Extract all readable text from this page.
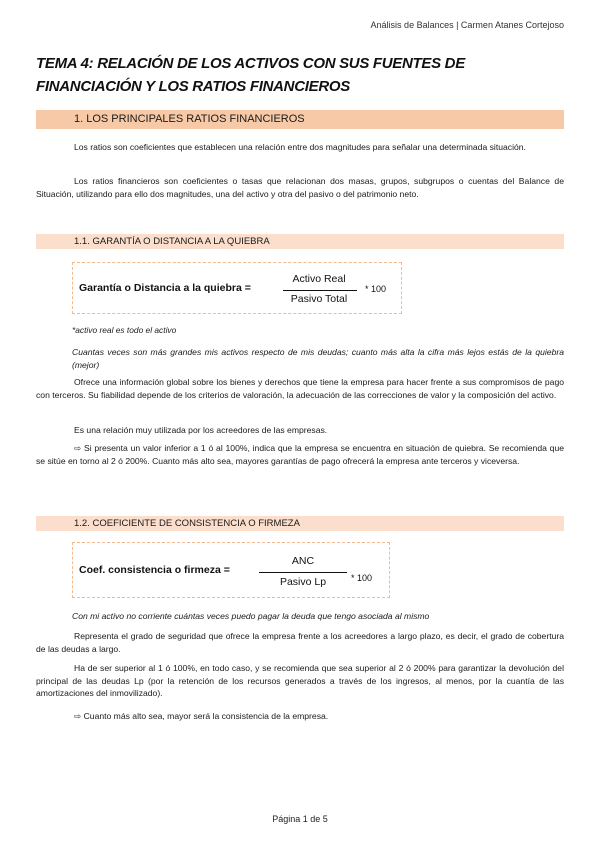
Análisis de Balances | Carmen Atanes Cortejoso
TEMA 4: RELACIÓN DE LOS ACTIVOS CON SUS FUENTES DE
FINANCIACIÓN Y LOS RATIOS FINANCIEROS
1. LOS PRINCIPALES RATIOS FINANCIEROS
Los ratios son coeficientes que establecen una relación entre dos magnitudes para señalar una determinada situación.
Los ratios financieros son coeficientes o tasas que relacionan dos masas, grupos, subgrupos o cuentas del Balance de Situación, utilizando para ello dos magnitudes, una del activo y otra del pasivo o del patrimonio neto.
1.1. GARANTÍA O DISTANCIA A LA QUIEBRA
Garantía o Distancia a la quiebra =
Activo Real
Pasivo Total
* 100
*activo real es todo el activo
Cuantas veces son más grandes mis activos respecto de mis deudas; cuanto más alta la cifra más lejos estás de la quiebra (mejor)
Ofrece una información global sobre los bienes y derechos que tiene la empresa para hacer frente a sus compromisos de pago con terceros. Su fiabilidad depende de los criterios de valoración, la adecuación de las correcciones de valor y la composición del activo.
Es una relación muy utilizada por los acreedores de las empresas.
⇨ Si presenta un valor inferior a 1 ó al 100%, indica que la empresa se encuentra en situación de quiebra. Se recomienda que se sitúe en torno al 2 ó 200%. Cuanto más alto sea, mayores garantías de pago ofrecerá la empresa ante terceros y viceversa.
1.2. COEFICIENTE DE CONSISTENCIA O FIRMEZA
Coef. consistencia o firmeza =
ANC
Pasivo Lp	* 100
Con mi activo no corriente cuántas veces puedo pagar la deuda que tengo asociada al mismo
Representa el grado de seguridad que ofrece la empresa frente a los acreedores a largo plazo, es decir, el grado de cobertura de las deudas a largo.
Ha de ser superior al 1 ó 100%, en todo caso, y se recomienda que sea superior al 2 ó 200% para garantizar la devolución del principal de las deudas Lp (por la retención de los recursos generados a través de los ingresos, al menos, por la cuantía de las amortizaciones del inmovilizado).
⇨ Cuanto más alto sea, mayor será la consistencia de la empresa.
Página 1 de 5
